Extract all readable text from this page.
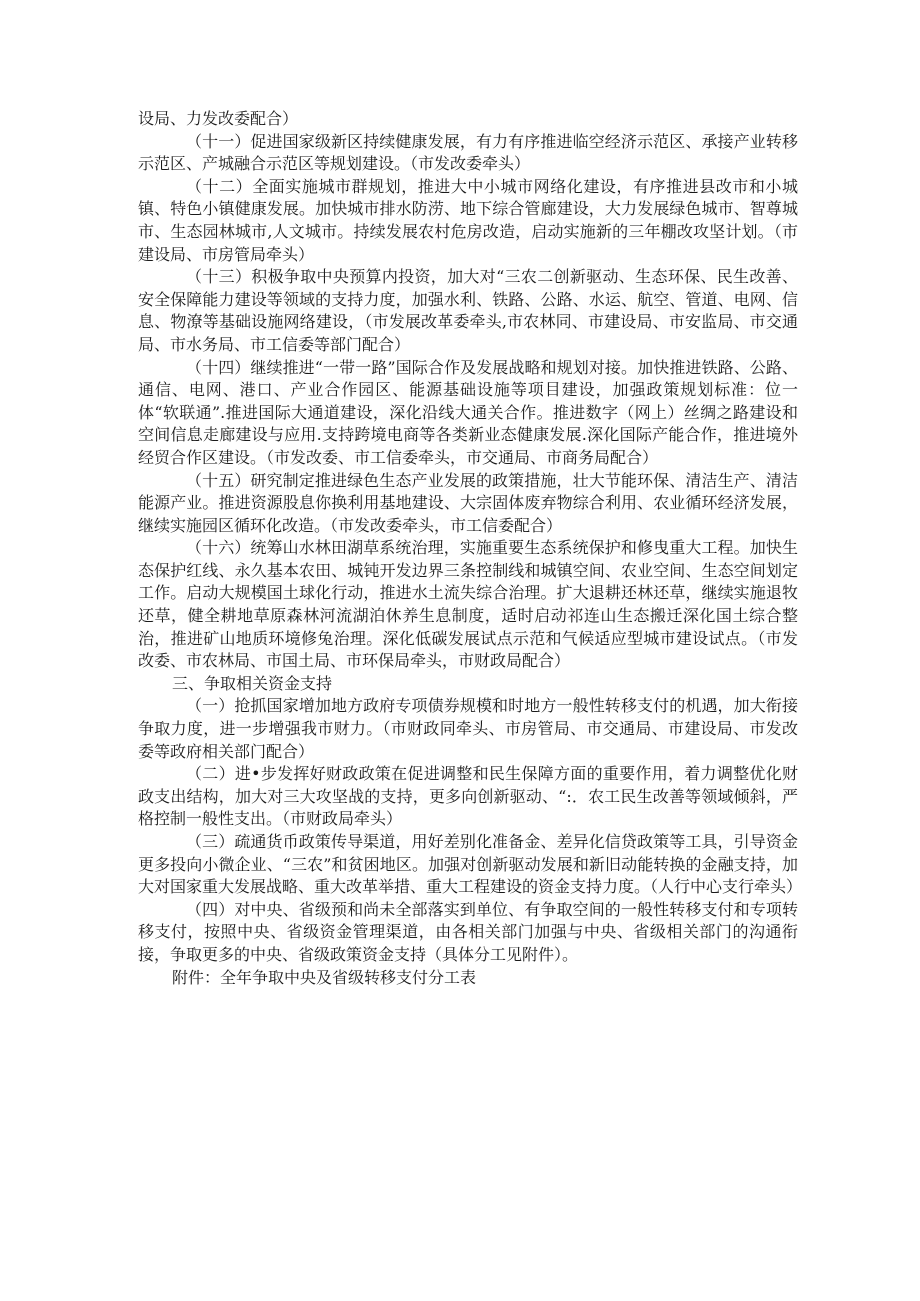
设局、力发改委配合）

（十一）促进国家级新区持续健康发展，有力有序推进临空经济示范区、承接产业转移示范区、产城融合示范区等规划建设。（市发改委牵头）

（十二）全面实施城市群规划，推进大中小城市网络化建设，有序推进县改市和小城镇、特色小镇健康发展。加快城市排水防涝、地下综合管廊建设，大力发展绿色城市、智尊城市、生态园林城市,人文城市。持续发展农村危房改造，启动实施新的三年棚改攻坚计划。（市建设局、市房管局牵头）

（十三）积极争取中央预算内投资，加大对“三农二创新驱动、生态环保、民生改善、安全保障能力建设等领域的支持力度，加强水利、铁路、公路、水运、航空、管道、电网、信息、物潦等基础设施网络建设，（市发展改革委牵头,市农林同、市建设局、市安监局、市交通局、市水务局、市工信委等部门配合）

（十四）继续推进“一带一路”国际合作及发展战略和规划对接。加快推进铁路、公路、通信、电网、港口、产业合作园区、能源基础设施等项目建设，加强政策规划标准：位一体“软联通”.推进国际大通道建设，深化沿线大通关合作。推进数字（网上）丝绸之路建设和空间信息走廊建设与应用.支持跨境电商等各类新业态健康发展.深化国际产能合作，推进境外经贸合作区建设。（市发改委、市工信委牵头，市交通局、市商务局配合）

（十五）研究制定推进绿色生态产业发展的政策措施，壮大节能环保、清洁生产、清洁能源产业。推进资源股息你换利用基地建设、大宗固体废弃物综合利用、农业循环经济发展，继续实施园区循环化改造。（市发改委牵头，市工信委配合）

（十六）统筹山水林田湖草系统治理，实施重要生态系统保护和修曳重大工程。加快生态保护红线、永久基本农田、城钝开发边界三条控制线和城镇空间、农业空间、生态空间划定工作。启动大规模国土球化行动，推进水土流失综合治理。扩大退耕还林还草，继续实施退牧还草，健全耕地草原森林河流湖泊休养生息制度，适时启动祁连山生态搬迁深化国土综合整治，推进矿山地质环境修兔治理。深化低碳发展试点示范和气候适应型城市建设试点。（市发改委、市农林局、市国土局、市环保局牵头，市财政局配合）

三、争取相关资金支持

（一）抢抓国家增加地方政府专项债券规模和时地方一般性转移支付的机遇，加大衔接争取力度，进一步增强我市财力。（市财政同牵头、市房管局、市交通局、市建设局、市发改委等政府相关部门配合）

（二）进•步发挥好财政政策在促进调整和民生保障方面的重要作用，着力调整优化财政支出结构，加大对三大攻坚战的支持，更多向创新驱动、“:．农工民生改善等领域倾斜，严格控制一般性支出。（市财政局牵头）

（三）疏通货币政策传导渠道，用好差别化准备金、差异化信贷政策等工具，引导资金更多投向小微企业、“三农”和贫困地区。加强对创新驱动发展和新旧动能转换的金融支持，加大对国家重大发展战略、重大改革举措、重大工程建设的资金支持力度。（人行中心支行牵头）

（四）对中央、省级预和尚未全部落实到单位、有争取空间的一般性转移支付和专项转移支付，按照中央、省级资金管理渠道，由各相关部门加强与中央、省级相关部门的沟通衔接，争取更多的中央、省级政策资金支持（具体分工见附件）。

附件：全年争取中央及省级转移支付分工表
